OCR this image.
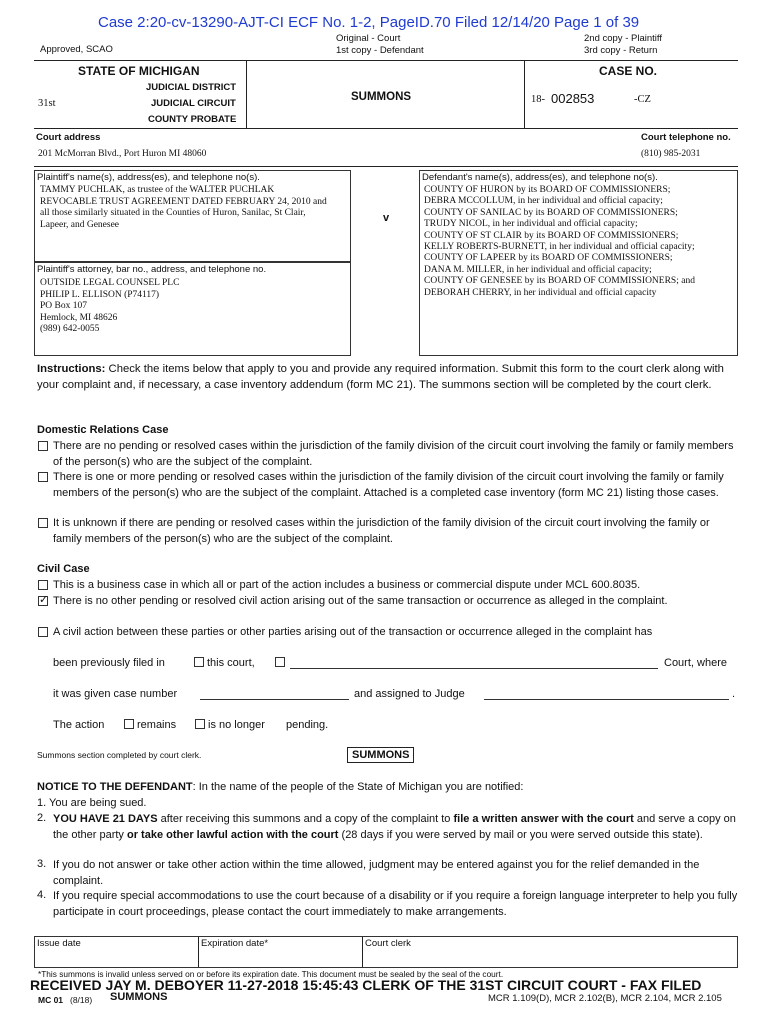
Case 2:20-cv-13290-AJT-CI ECF No. 1-2, PageID.70 Filed 12/14/20 Page 1 of 39
Approved, SCAO
Original - Court
1st copy - Defendant
2nd copy - Plaintiff
3rd copy - Return
STATE OF MICHIGAN
JUDICIAL DISTRICT
JUDICIAL CIRCUIT
COUNTY PROBATE
31st
SUMMONS
CASE NO.
18- 002853	-CZ
Court address	Court telephone no.
201 McMorran Blvd., Port Huron MI 48060	(810) 985-2031
Plaintiff's name(s), address(es), and telephone no(s).
TAMMY PUCHLAK, as trustee of the WALTER PUCHLAK
REVOCABLE TRUST AGREEMENT DATED FEBRUARY 24, 2010 and
all those similarly situated in the Counties of Huron, Sanilac, St Clair,
Lapeer, and Genesee
v
Defendant's name(s), address(es), and telephone no(s).
COUNTY OF HURON by its BOARD OF COMMISSIONERS;
DEBRA MCCOLLUM, in her individual and official capacity;
COUNTY OF SANILAC by its BOARD OF COMMISSIONERS;
TRUDY NICOL, in her individual and official capacity;
COUNTY OF ST CLAIR by its BOARD OF COMMISSIONERS;
KELLY ROBERTS-BURNETT, in her individual and official capacity;
COUNTY OF LAPEER by its BOARD OF COMMISSIONERS;
DANA M. MILLER, in her individual and official capacity;
COUNTY OF GENESEE by its BOARD OF COMMISSIONERS; and
DEBORAH CHERRY, in her individual and official capacity
Plaintiff's attorney, bar no., address, and telephone no.
OUTSIDE LEGAL COUNSEL PLC
PHILIP L. ELLISON (P74117)
PO Box 107
Hemlock, MI 48626
(989) 642-0055
Instructions: Check the items below that apply to you and provide any required information. Submit this form to the court clerk along with your complaint and, if necessary, a case inventory addendum (form MC 21). The summons section will be completed by the court clerk.
Domestic Relations Case
There are no pending or resolved cases within the jurisdiction of the family division of the circuit court involving the family or family members of the person(s) who are the subject of the complaint.
There is one or more pending or resolved cases within the jurisdiction of the family division of the circuit court involving the family or family members of the person(s) who are the subject of the complaint. Attached is a completed case inventory (form MC 21) listing those cases.
It is unknown if there are pending or resolved cases within the jurisdiction of the family division of the circuit court involving the family or family members of the person(s) who are the subject of the complaint.
Civil Case
This is a business case in which all or part of the action includes a business or commercial dispute under MCL 600.8035.
✓
There is no other pending or resolved civil action arising out of the same transaction or occurrence as alleged in the complaint.
A civil action between these parties or other parties arising out of the transaction or occurrence alleged in the complaint has
been previously filed in	this court,	Court, where
it was given case number	and assigned to Judge	.
The action	remains	is no longer pending.
Summons section completed by court clerk.	SUMMONS
NOTICE TO THE DEFENDANT: In the name of the people of the State of Michigan you are notified:
1. You are being sued.
2. YOU HAVE 21 DAYS after receiving this summons and a copy of the complaint to file a written answer with the court and serve a copy on the other party or take other lawful action with the court (28 days if you were served by mail or you were served outside this state).
3. If you do not answer or take other action within the time allowed, judgment may be entered against you for the relief demanded in the complaint.
4. If you require special accommodations to use the court because of a disability or if you require a foreign language interpreter to help you fully participate in court proceedings, please contact the court immediately to make arrangements.
Issue date	Expiration date*	Court clerk
*This summons is invalid unless served on or before its expiration date. This document must be sealed by the seal of the court.
RECEIVED JAY M. DEBOYER 11-27-2018 15:45:43 CLERK OF THE 31ST CIRCUIT COURT - FAX FILED
MC 01 (8/18) SUMMONS	MCR 1.109(D), MCR 2.102(B), MCR 2.104, MCR 2.105
